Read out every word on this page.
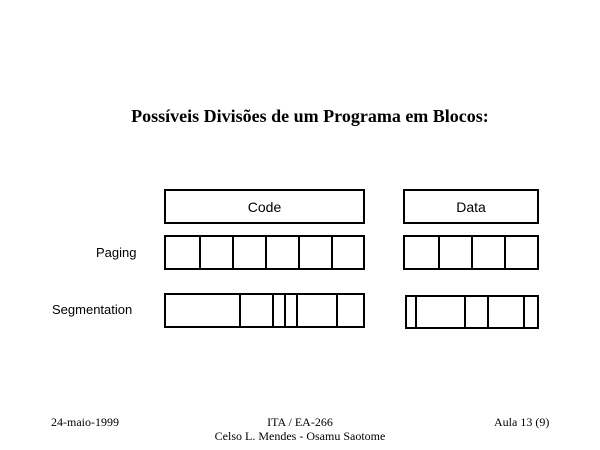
Possíveis Divisões de um Programa em Blocos:
Code	Data
Paging
Segmentation
24-maio-1999	ITA / EA-266
Celso L. Mendes - Osamu Saotome
Aula 13 (9)
